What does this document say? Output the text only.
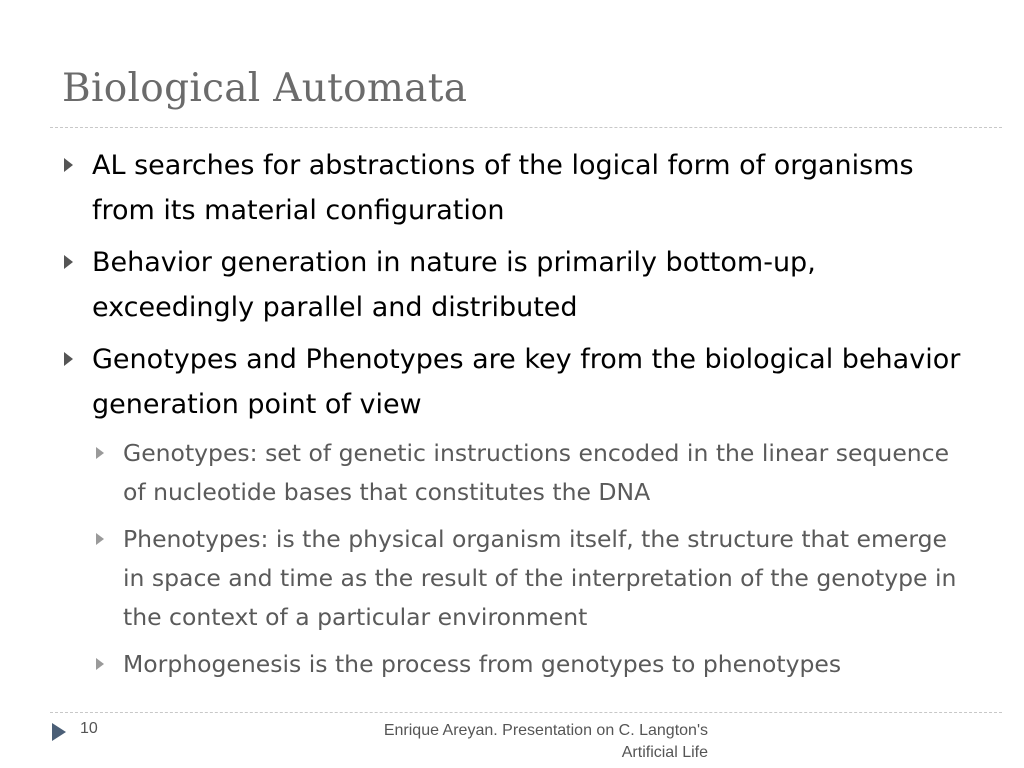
Biological Automata
AL searches for abstractions of the logical form of organisms from its material configuration
Behavior generation in nature is primarily bottom-up, exceedingly parallel and distributed
Genotypes and Phenotypes are key from the biological behavior generation point of view
Genotypes: set of genetic instructions encoded in the linear sequence of nucleotide bases that constitutes the DNA
Phenotypes: is the physical organism itself, the structure that emerge in space and time as the result of the interpretation of the genotype in the context of a particular environment
Morphogenesis is the process from genotypes to phenotypes
10	Enrique Areyan. Presentation on C. Langton's
Artificial Life
